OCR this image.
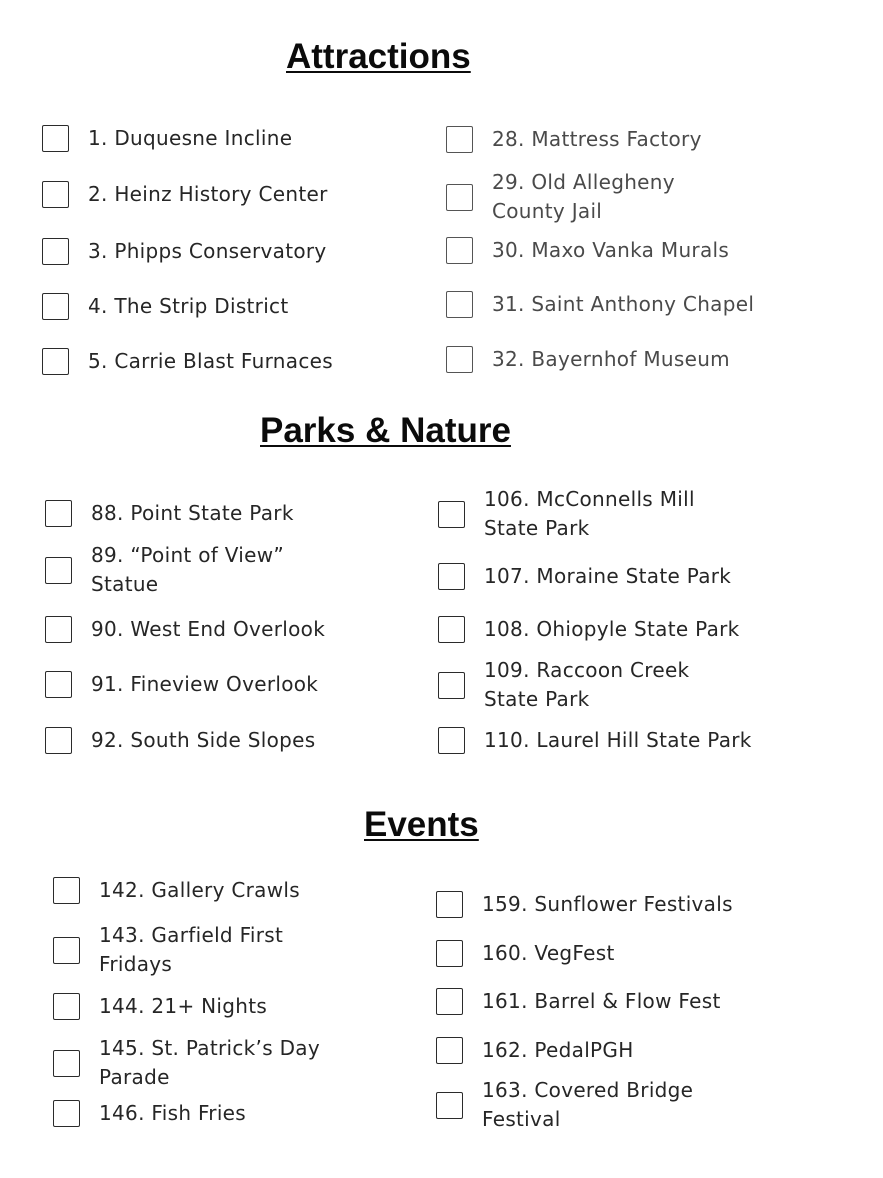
Attractions
1. Duquesne Incline
2. Heinz History Center
3. Phipps Conservatory
4. The Strip District
5. Carrie Blast Furnaces
28. Mattress Factory
29. Old Allegheny County Jail
30. Maxo Vanka Murals
31. Saint Anthony Chapel
32. Bayernhof Museum
Parks & Nature
88. Point State Park
89. “Point of View” Statue
90. West End Overlook
91. Fineview Overlook
92. South Side Slopes
106. McConnells Mill State Park
107. Moraine State Park
108. Ohiopyle State Park
109. Raccoon Creek State Park
110. Laurel Hill State Park
Events
142. Gallery Crawls
143. Garfield First Fridays
144. 21+ Nights
145. St. Patrick’s Day Parade
146. Fish Fries
159. Sunflower Festivals
160. VegFest
161. Barrel & Flow Fest
162. PedalPGH
163. Covered Bridge Festival
